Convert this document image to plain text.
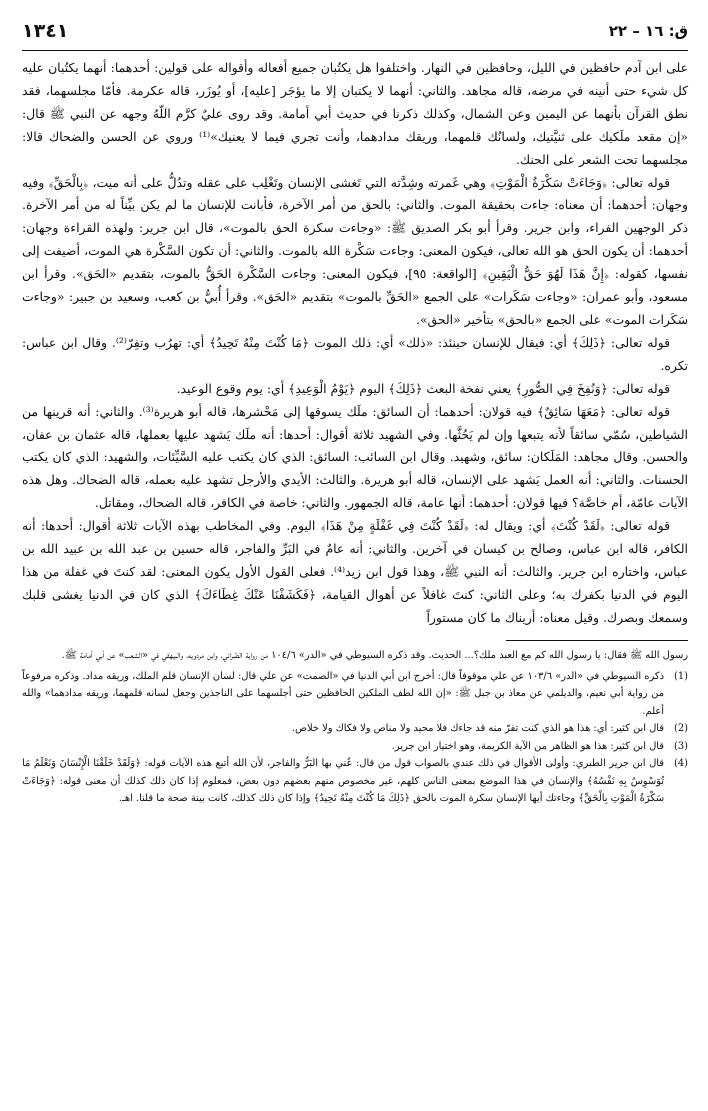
١٣٤١	ق: ١٦ – ٢٢

على ابن آدم حافظين في الليل، وحافظين في النهار. واختلفوا هل يكتُبان جميع أفعاله وأقواله على قولين: أحدهما: أنهما يكتُبان عليه كل شيء حتى أنينه في مرضه، قاله مجاهد. والثاني: أنهما لا يكتبان إلا ما يؤجَر [عليه]، أو يُوزَر، قاله عكرمة. فأمّا مجلسهما، فقد نطق القرآن بأنهما عن اليمين وعن الشمال، وكذلك ذكرنا في حديث أبي أمامة. وقد روى عليٌ كرَّم اللّهُ وجهه عن النبي ﷺ قال: «إن مقعد ملَكيك على ثنيَّتيك، ولسانُك قلمهما، وريقك مدادهما، وأنت تجري فيما لا يعنيك»⁽¹⁾ وروي عن الحسن والضحاك قالا: مجلسهما تحت الشعر على الحنك.

قوله تعالى: ﴿وَجَاءَتْ سَكْرَةُ الْمَوْتِ﴾ وهي غَمرته وشِدَّته التي تَغشى الإنسان وتَغْلِب على عقله وتدُلُّ على أنه ميت، ﴿بِالْحَقِّ﴾ وفيه وجهان: أحدهما: أن معناه: جاءت بحقيقة الموت. والثاني: بالحق من أمر الآخرة، فأبانت للإنسان ما لم يكن بيِّناً له من أمر الآخرة. ذكر الوجهين الفراء، وابن جرير. وقرأ أبو بكر الصديق ﷺ: «وجاءت سكرة الحق بالموت»، قال ابن جرير: ولهذه القراءة وجهان: أحدهما: أن يكون الحق هو الله تعالى، فيكون المعنى: وجاءت سَكْرة الله بالموت. والثاني: أن تكون السَّكْرة هي الموت، أضيفت إلى نفسها، كقوله: ﴿إِنَّ هَذَا لَهُوَ حَقُّ الْيَقِينِ﴾ [الواقعة: ٩٥]، فيكون المعنى: وجاءت السَّكْرة الحَقُّ بالموت، بتقديم «الحَق». وقرأ ابن مسعود، وأبو عمران: «وجاءت سَكَرات» على الجمع «الحَقِّ بالموت» بتقديم «الحَق». وقرأ أُبيُّ بن كعب، وسعيد بن جبير: «وجاءت سَكَرات الموت» على الجمع «بالحق» بتأخير «الحق».

قوله تعالى: ﴿ذَلِكَ﴾ أي: فيقال للإنسان حينئذ: «ذلك» أي: ذلك الموت ﴿مَا كُنْتَ مِنْهُ تَحِيدُ﴾ أي: تهرُب وتفِرّ⁽²⁾. وقال ابن عباس: تكره.

قوله تعالى: ﴿وَنُفِخَ فِي الصُّورِ﴾ يعني نفخة البعث ﴿ذَلِكَ﴾ اليوم ﴿يَوْمُ الْوَعِيدِ﴾ أي: يوم وقوع الوعيد.

قوله تعالى: ﴿مَعَهَا سَائِقٌ﴾ فيه قولان: أحدهما: أن السائق: ملَك يسوقها إلى مَحْشرها، قاله أبو هريرة⁽³⁾. والثاني: أنه قرينها من الشياطين، سُمّي سائقاً لأنه يتبعها وإن لم يَحُثَّها. وفي الشهيد ثلاثة أقوال: أحدها: أنه ملَك يَشهد عليها بعملها، قاله عثمان بن عفان، والحسن. وقال مجاهد: المَلَكان: سائق، وشهيد. وقال ابن السائب: السائق: الذي كان يكتب عليه السَّيِّئات، والشهيد: الذي كان يكتب الحسنات. والثاني: أنه العمل يَشهد على الإنسان، قاله أبو هريرة. والثالث: الأيدي والأرجل تشهد عليه بعمله، قاله الضحاك. وهل هذه الآيات عامّة، أم خاصَّة؟ فيها قولان: أحدهما: أنها عامة، قاله الجمهور. والثاني: خاصة في الكافر، قاله الضحاك، ومقاتل.

قوله تعالى: ﴿لَقَدْ كُنْتَ﴾ أي: ويقال له: ﴿لَقَدْ كُنْتَ فِي غَفْلَةٍ مِنْ هَذَا﴾ اليوم. وفي المخاطب بهذه الآيات ثلاثة أقوال: أحدها: أنه الكافر، قاله ابن عباس، وصالح بن كيسان في آخرين. والثاني: أنه عامٌ في البَرِّ والفاجر، قاله حسين بن عبد الله بن عبيد الله بن عباس، واختاره ابن جرير. والثالث: أنه النبي ﷺ، وهذا قول ابن زيد⁽⁴⁾. فعلى القول الأول يكون المعنى: لقد كنتَ في غفلة من هذا اليوم في الدنيا بكفرك به؛ وعلى الثاني: كنتَ غافلاً عن أهوال القيامة، ﴿فَكَشَفْنَا عَنْكَ غِطَاءَكَ﴾ الذي كان في الدنيا يغشى قلبك وسمعك وبصرك. وقيل معناه: أريناك ما كان مستوراً

رسول الله ﷺ فقال: يا رسول الله كم مع العبد ملك؟... الحديث. وقد ذكره السيوطي في «الدر» ١٠٤/٦ من رواية الطبراني، وابن مردويه، والبيهقي في «الشعب» عن أبي أمامة ﷺ.

(1)
ذكره السيوطي في «الدر» ١٠٣/٦ عن علي موقوفاً قال: أخرج ابن أبي الدنيا في «الصمت» عن علي قال: لسان الإنسان قلم الملك، وريقه مداد. وذكره مرفوعاً من رواية أبي نعيم، والديلمي عن معاذ بن جبل ﷺ: «إن الله لطف الملكين الحافظين حتى أجلسهما على الناجذين وجعل لسانه قلمهما، وريقه مدادهما» والله أعلم.
(2)
قال ابن كثير: أي: هذا هو الذي كنت تفرّ منه قد جاءك فلا محيد ولا مناص ولا فكاك ولا خلاص.
(3)
قال ابن كثير: هذا هو الظاهر من الآية الكريمة، وهو اختيار ابن جرير.
(4)
قال ابن جرير الطبري: وأولى الأقوال في ذلك عندي بالصواب قول من قال: عُني بها البَرُّ والفاجر، لأن الله أتبع هذه الآيات قوله: ﴿وَلَقَدْ خَلَقْنَا الْإِنْسَانَ وَنَعْلَمُ مَا تُوَسْوِسُ بِهِ نَفْسُهُ﴾ والإنسان في هذا الموضع بمعنى الناس كلهم، غير مخصوص منهم بعضهم دون بعض، فمعلوم إذا كان ذلك كذلك أن معنى قوله: ﴿وَجَاءَتْ سَكْرَةُ الْمَوْتِ بِالْحَقِّ﴾ وجاءتك أيها الإنسان سكرة الموت بالحق ﴿ذَلِكَ مَا كُنْتَ مِنْهُ تَحِيدُ﴾ وإذا كان ذلك كذلك، كانت بينة صحة ما قلنا. اهـ.
